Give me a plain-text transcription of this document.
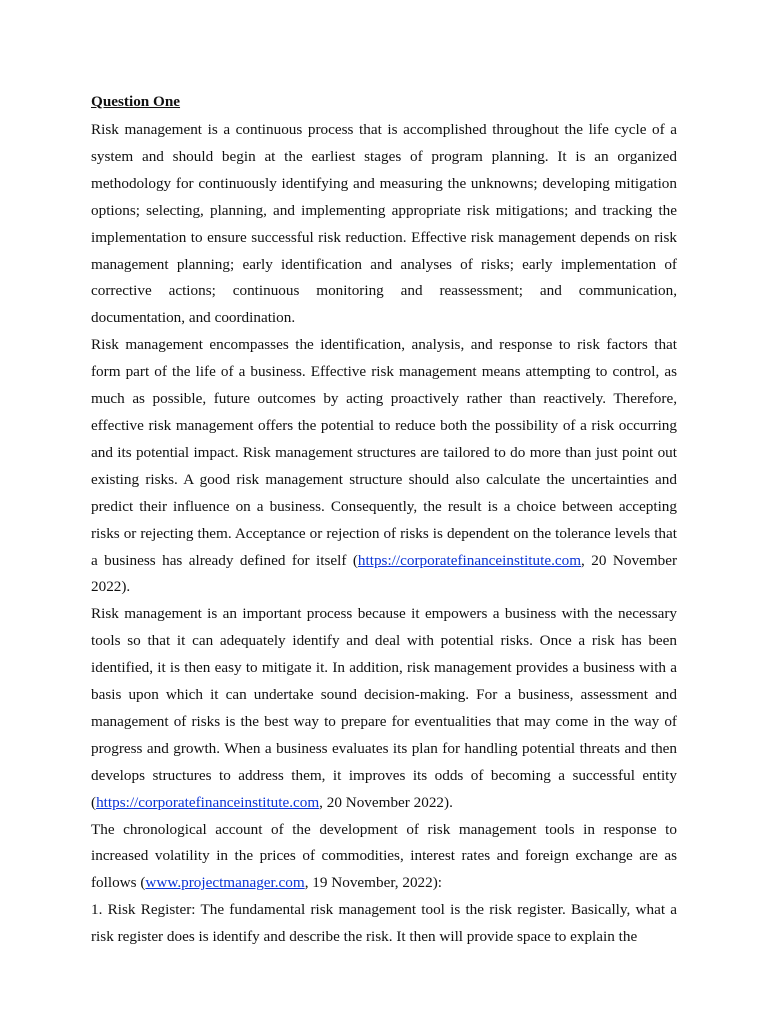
Question One

Risk management is a continuous process that is accomplished throughout the life cycle of a system and should begin at the earliest stages of program planning. It is an organized methodology for continuously identifying and measuring the unknowns; developing mitigation options; selecting, planning, and implementing appropriate risk mitigations; and tracking the implementation to ensure successful risk reduction. Effective risk management depends on risk management planning; early identification and analyses of risks; early implementation of corrective actions; continuous monitoring and reassessment; and communication, documentation, and coordination.

Risk management encompasses the identification, analysis, and response to risk factors that form part of the life of a business. Effective risk management means attempting to control, as much as possible, future outcomes by acting proactively rather than reactively. Therefore, effective risk management offers the potential to reduce both the possibility of a risk occurring and its potential impact. Risk management structures are tailored to do more than just point out existing risks. A good risk management structure should also calculate the uncertainties and predict their influence on a business. Consequently, the result is a choice between accepting risks or rejecting them. Acceptance or rejection of risks is dependent on the tolerance levels that a business has already defined for itself (https://corporatefinanceinstitute.com, 20 November 2022).

Risk management is an important process because it empowers a business with the necessary tools so that it can adequately identify and deal with potential risks. Once a risk has been identified, it is then easy to mitigate it. In addition, risk management provides a business with a basis upon which it can undertake sound decision-making. For a business, assessment and management of risks is the best way to prepare for eventualities that may come in the way of progress and growth. When a business evaluates its plan for handling potential threats and then develops structures to address them, it improves its odds of becoming a successful entity (https://corporatefinanceinstitute.com, 20 November 2022).

The chronological account of the development of risk management tools in response to increased volatility in the prices of commodities, interest rates and foreign exchange are as follows (www.projectmanager.com, 19 November, 2022):

1. Risk Register: The fundamental risk management tool is the risk register. Basically, what a risk register does is identify and describe the risk. It then will provide space to explain the
